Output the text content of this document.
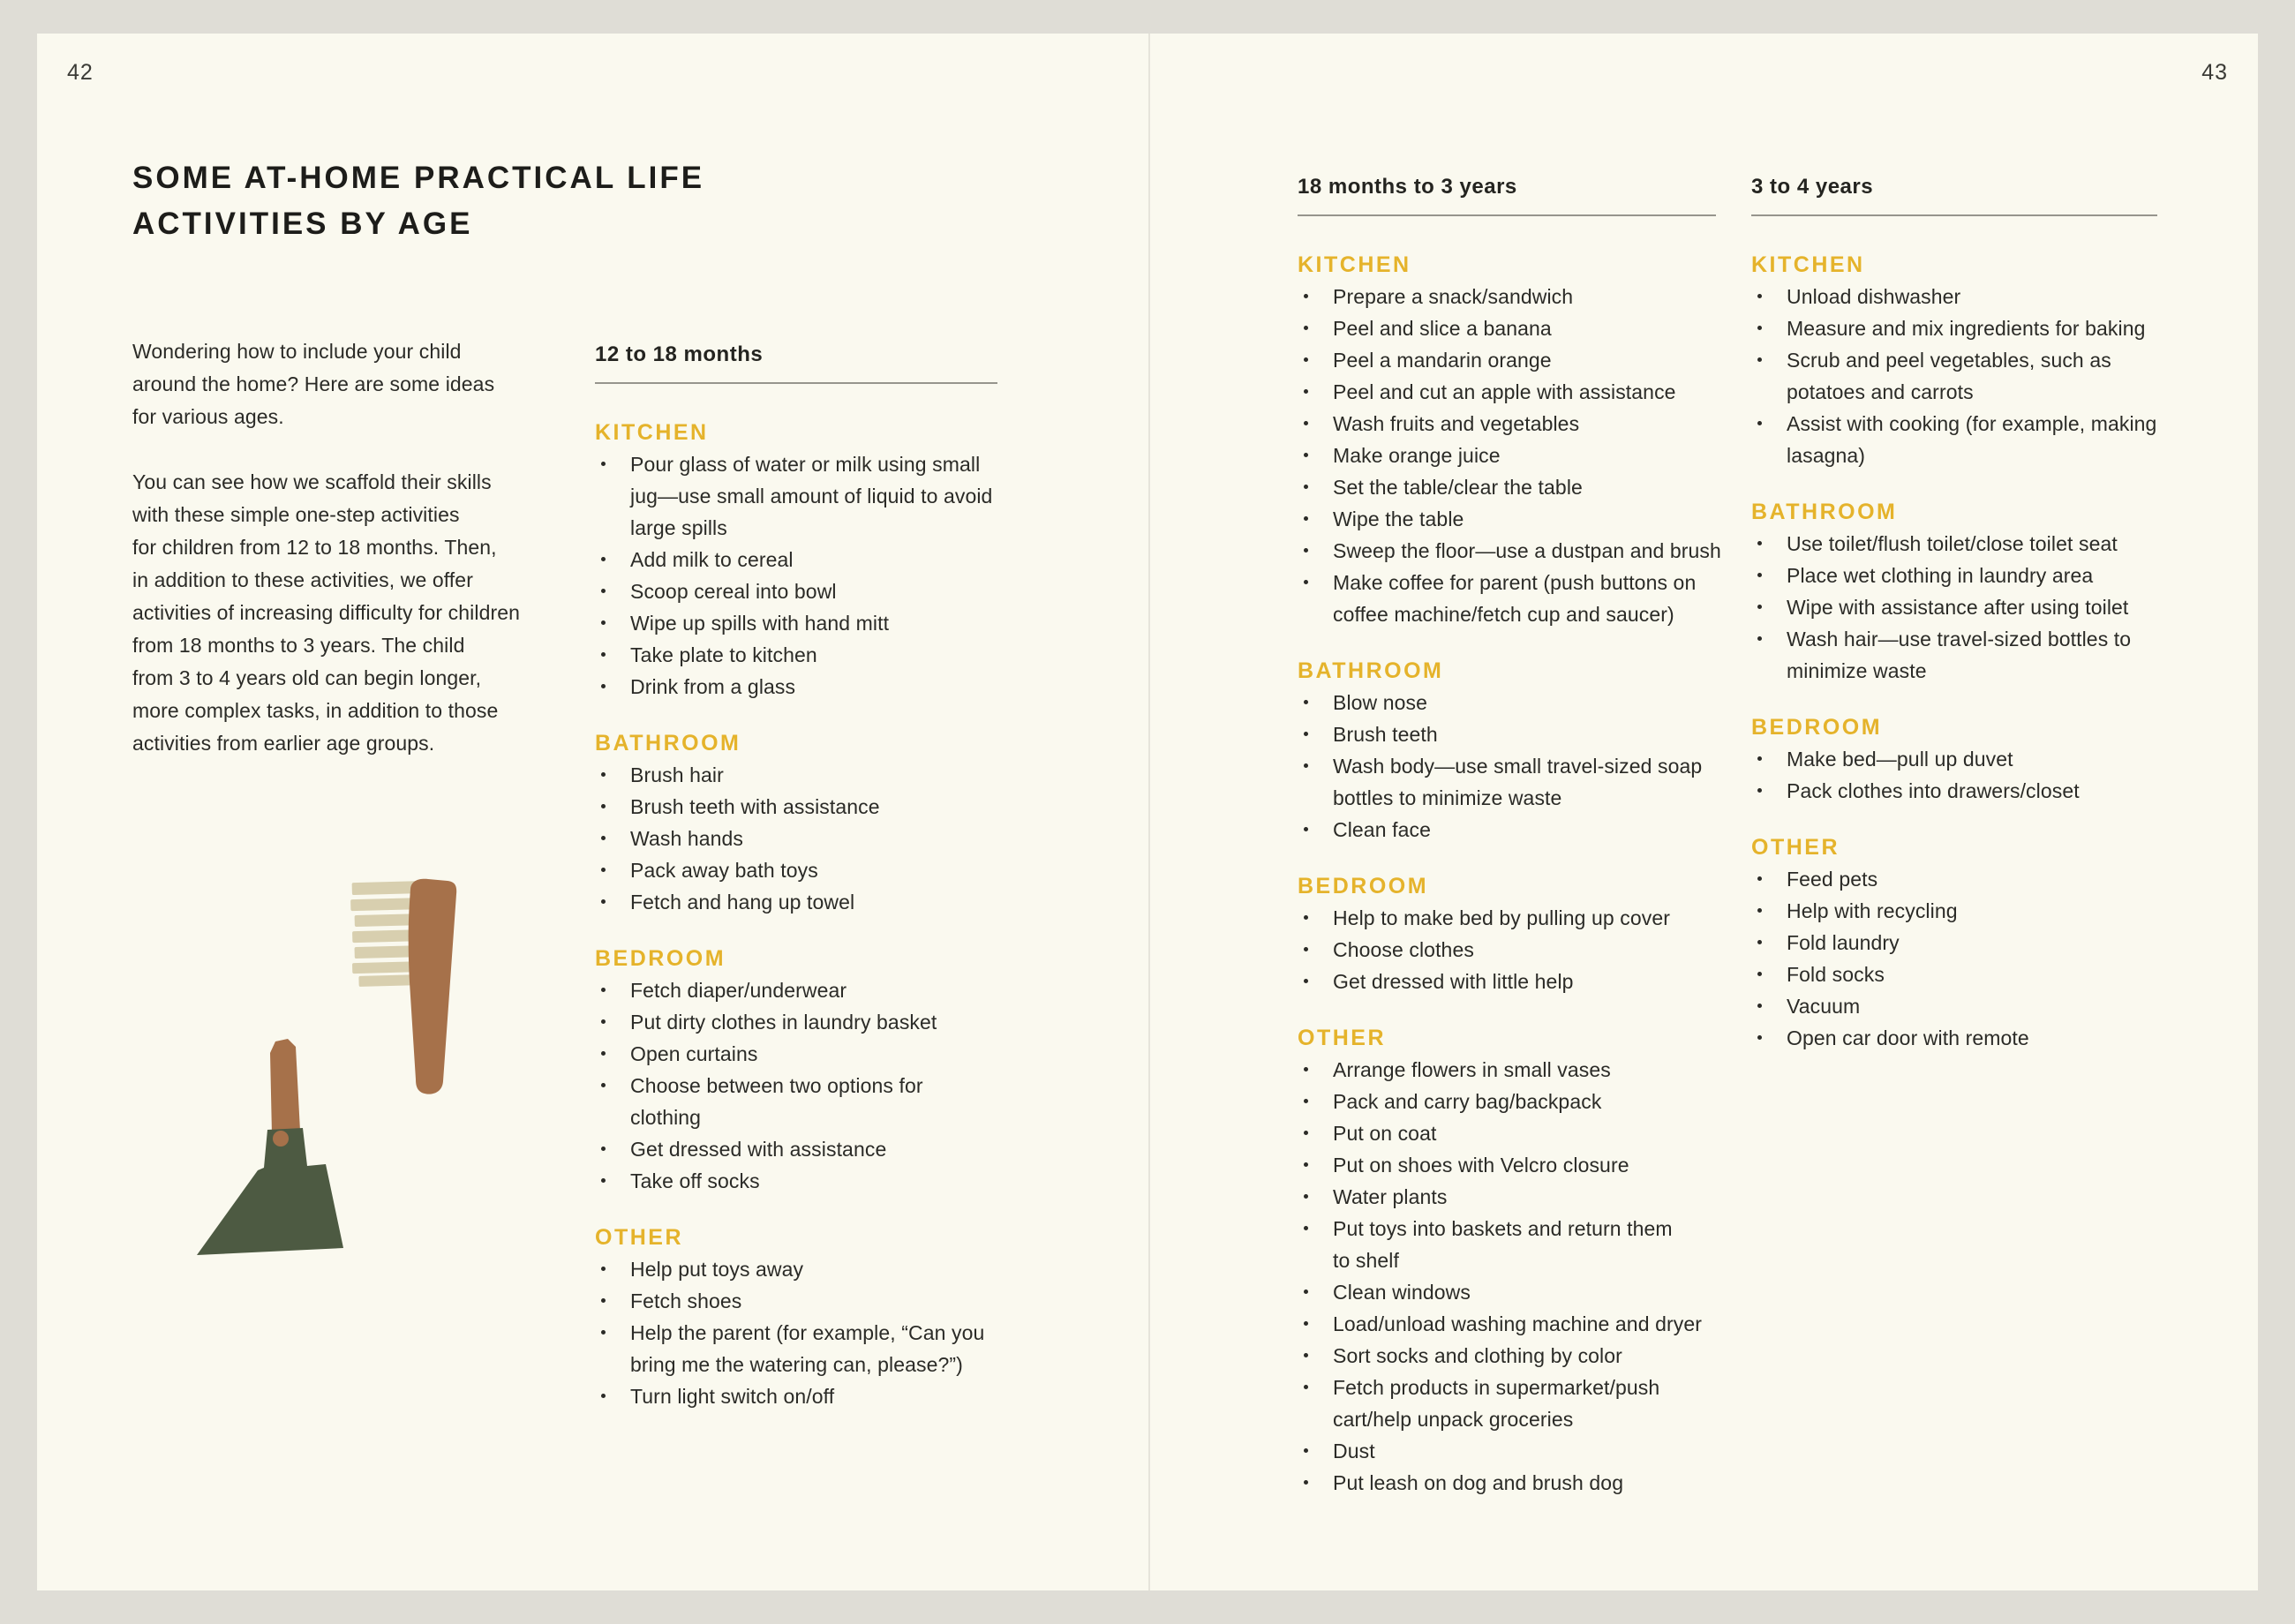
42
SOME AT-HOME PRACTICAL LIFE
ACTIVITIES BY AGE
Wondering how to include your child
around the home? Here are some ideas
for various ages.
You can see how we scaffold their skills
with these simple one-step activities
for children from 12 to 18 months. Then,
in addition to these activities, we offer
activities of increasing difficulty for children
from 18 months to 3 years. The child
from 3 to 4 years old can begin longer,
more complex tasks, in addition to those
activities from earlier age groups.
12 to 18 months
KITCHEN
Pour glass of water or milk using small
jug—use small amount of liquid to avoid
large spills
Add milk to cereal
Scoop cereal into bowl
Wipe up spills with hand mitt
Take plate to kitchen
Drink from a glass
BATHROOM
Brush hair
Brush teeth with assistance
Wash hands
Pack away bath toys
Fetch and hang up towel
BEDROOM
Fetch diaper/underwear
Put dirty clothes in laundry basket
Open curtains
Choose between two options for
clothing
Get dressed with assistance
Take off socks
OTHER
Help put toys away
Fetch shoes
Help the parent (for example, “Can you
bring me the watering can, please?”)
Turn light switch on/off
43
18 months to 3 years
KITCHEN
Prepare a snack/sandwich
Peel and slice a banana
Peel a mandarin orange
Peel and cut an apple with assistance
Wash fruits and vegetables
Make orange juice
Set the table/clear the table
Wipe the table
Sweep the floor—use a dustpan and brush
Make coffee for parent (push buttons on
coffee machine/fetch cup and saucer)
BATHROOM
Blow nose
Brush teeth
Wash body—use small travel-sized soap
bottles to minimize waste
Clean face
BEDROOM
Help to make bed by pulling up cover
Choose clothes
Get dressed with little help
OTHER
Arrange flowers in small vases
Pack and carry bag/backpack
Put on coat
Put on shoes with Velcro closure
Water plants
Put toys into baskets and return them
to shelf
Clean windows
Load/unload washing machine and dryer
Sort socks and clothing by color
Fetch products in supermarket/push
cart/help unpack groceries
Dust
Put leash on dog and brush dog
3 to 4 years
KITCHEN
Unload dishwasher
Measure and mix ingredients for baking
Scrub and peel vegetables, such as
potatoes and carrots
Assist with cooking (for example, making
lasagna)
BATHROOM
Use toilet/flush toilet/close toilet seat
Place wet clothing in laundry area
Wipe with assistance after using toilet
Wash hair—use travel-sized bottles to
minimize waste
BEDROOM
Make bed—pull up duvet
Pack clothes into drawers/closet
OTHER
Feed pets
Help with recycling
Fold laundry
Fold socks
Vacuum
Open car door with remote
